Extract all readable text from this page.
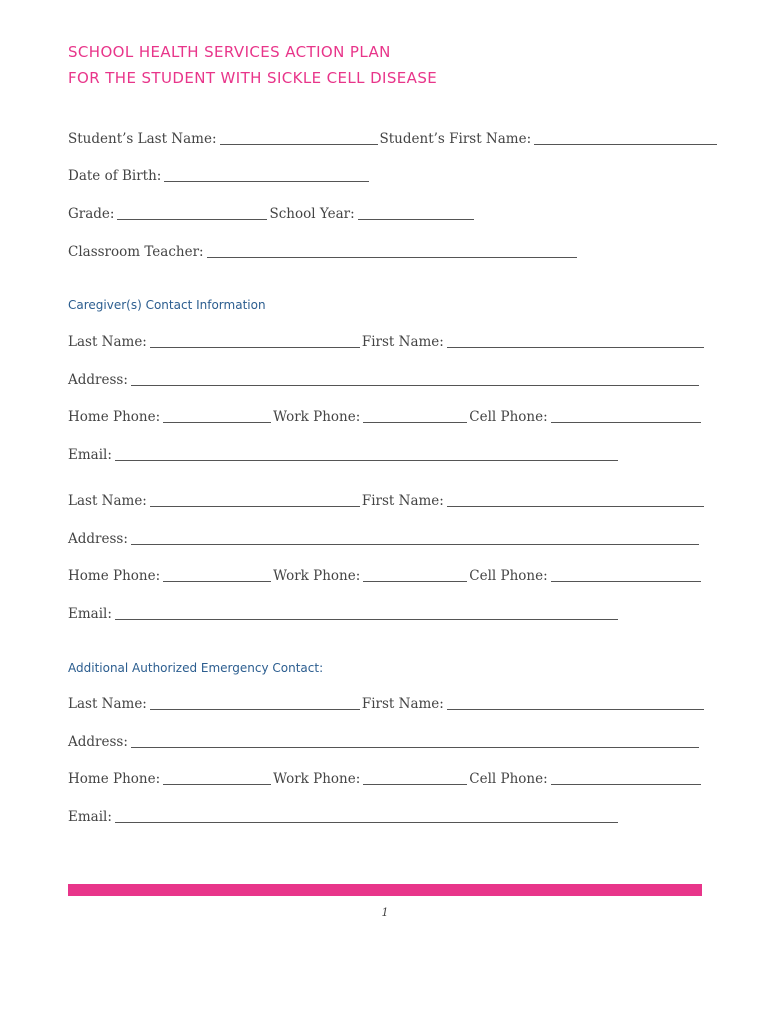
SCHOOL HEALTH SERVICES ACTION PLAN
FOR THE STUDENT WITH SICKLE CELL DISEASE
Student’s Last Name:	Student’s First Name:
Date of Birth:
Grade:	School Year:
Classroom Teacher:
Caregiver(s) Contact Information
Last Name:	First Name:
Address:
Home Phone:	Work Phone:	Cell Phone:
Email:
Last Name:	First Name:
Address:
Home Phone:	Work Phone:	Cell Phone:
Email:
Additional Authorized Emergency Contact:
Last Name:	First Name:
Address:
Home Phone:	Work Phone:	Cell Phone:
Email:
1
